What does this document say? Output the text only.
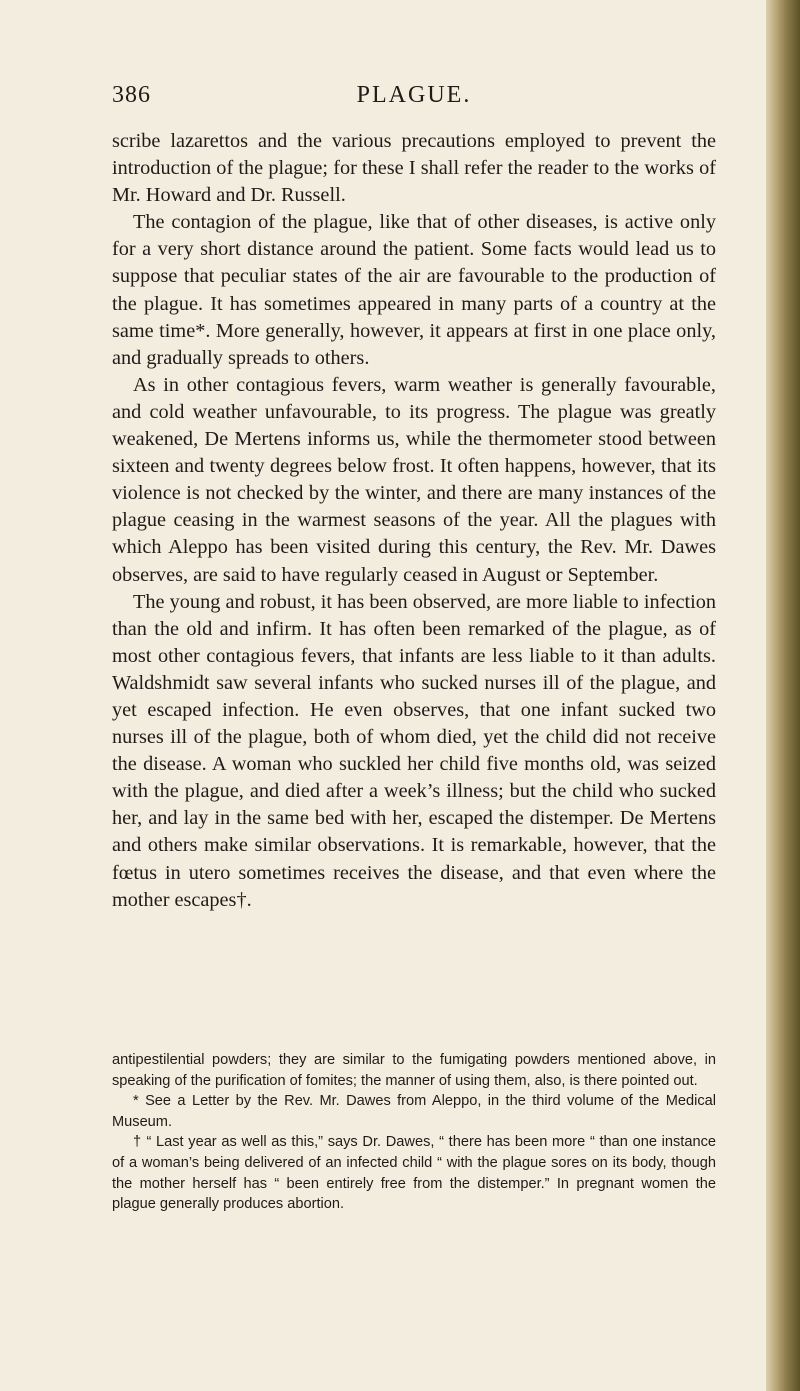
386	PLAGUE.

scribe lazarettos and the various precautions employed to prevent the introduction of the plague; for these I shall refer the reader to the works of Mr. Howard and Dr. Russell.

The contagion of the plague, like that of other diseases, is active only for a very short distance around the patient. Some facts would lead us to suppose that peculiar states of the air are favourable to the production of the plague. It has sometimes appeared in many parts of a country at the same time*. More generally, however, it appears at first in one place only, and gradually spreads to others.

As in other contagious fevers, warm weather is generally favourable, and cold weather unfavourable, to its progress. The plague was greatly weakened, De Mertens informs us, while the thermometer stood between sixteen and twenty degrees below frost. It often happens, however, that its violence is not checked by the winter, and there are many instances of the plague ceasing in the warmest seasons of the year. All the plagues with which Aleppo has been visited during this century, the Rev. Mr. Dawes observes, are said to have regularly ceased in August or September.

The young and robust, it has been observed, are more liable to infection than the old and infirm. It has often been remarked of the plague, as of most other contagious fevers, that infants are less liable to it than adults. Waldshmidt saw several infants who sucked nurses ill of the plague, and yet escaped infection. He even observes, that one infant sucked two nurses ill of the plague, both of whom died, yet the child did not receive the disease. A woman who suckled her child five months old, was seized with the plague, and died after a week’s illness; but the child who sucked her, and lay in the same bed with her, escaped the distemper. De Mertens and others make similar observations. It is remarkable, however, that the fœtus in utero sometimes receives the disease, and that even where the mother escapes†.

antipestilential powders; they are similar to the fumigating powders mentioned above, in speaking of the purification of fomites; the manner of using them, also, is there pointed out.

* See a Letter by the Rev. Mr. Dawes from Aleppo, in the third volume of the Medical Museum.

† “ Last year as well as this,” says Dr. Dawes, “ there has been more “ than one instance of a woman’s being delivered of an infected child “ with the plague sores on its body, though the mother herself has “ been entirely free from the distemper.” In pregnant women the plague generally produces abortion.
